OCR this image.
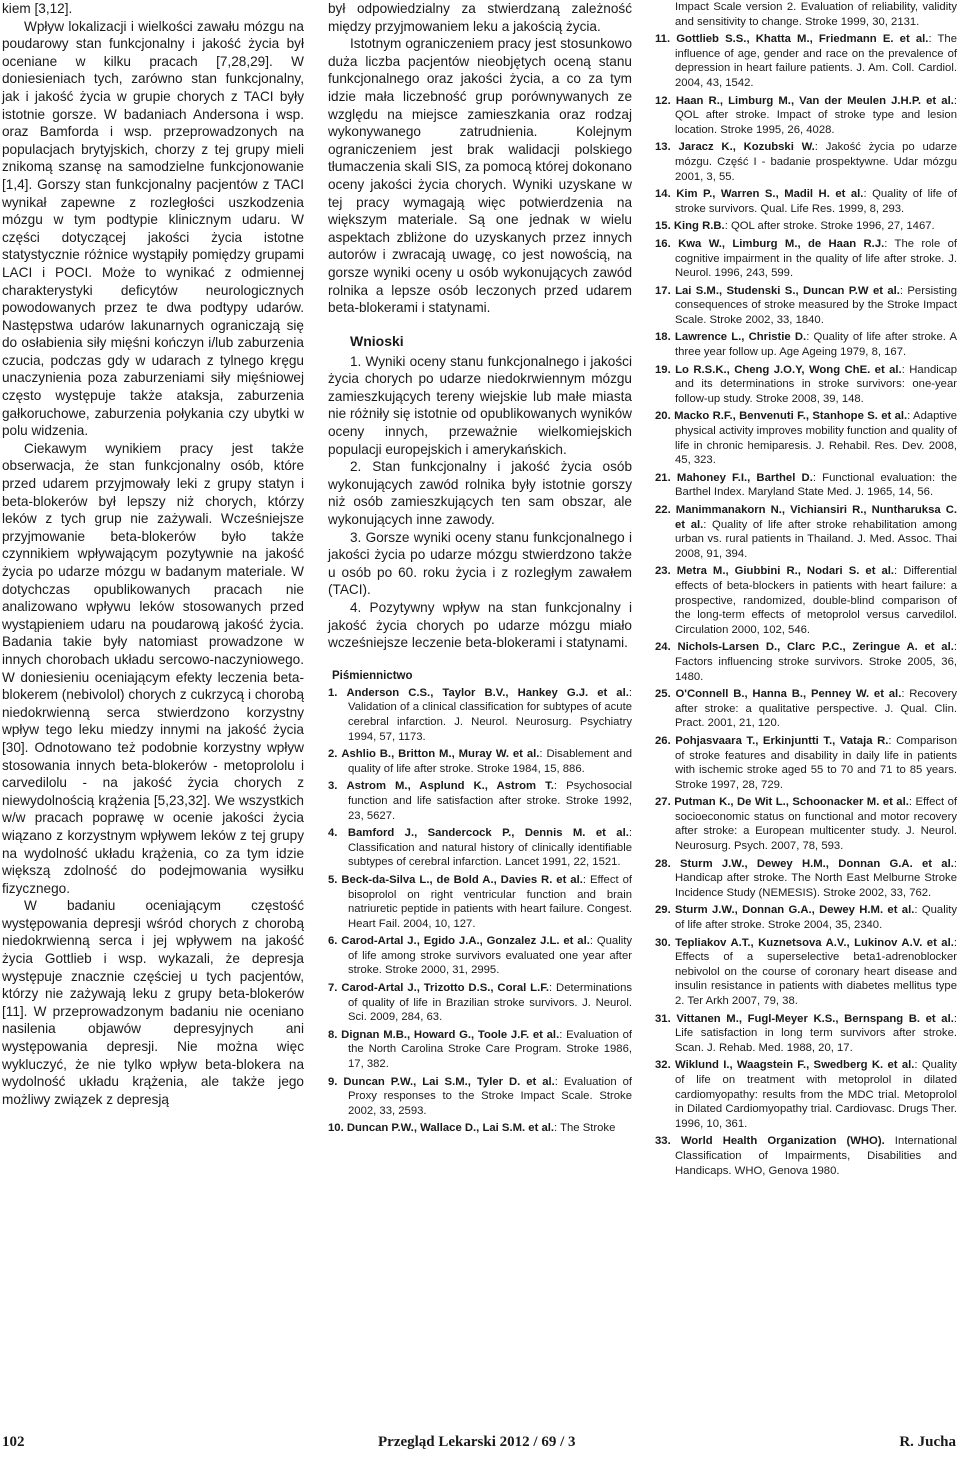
kiem [3,12].

Wpływ lokalizacji i wielkości zawału mózgu na poudarowy stan funkcjonalny i jakość życia był oceniane w kilku pracach [7,28,29]. W doniesieniach tych, zarówno stan funkcjonalny, jak i jakość życia w grupie chorych z TACI były istotnie gorsze. W badaniach Andersona i wsp. oraz Bamforda i wsp. przeprowadzonych na populacjach brytyjskich, chorzy z tej grupy mieli znikomą szansę na samodzielne funkcjonowanie [1,4]. Gorszy stan funkcjonalny pacjentów z TACI wynikał zapewne z rozległości uszkodzenia mózgu w tym podtypie klinicznym udaru. W części dotyczącej jakości życia istotne statystycznie różnice wystąpiły pomiędzy grupami LACI i POCI. Może to wynikać z odmiennej charakterystyki deficytów neurologicznych powodowanych przez te dwa podtypy udarów. Następstwa udarów lakunarnych ograniczają się do osłabienia siły mięśni kończyn i/lub zaburzenia czucia, podczas gdy w udarach z tylnego kręgu unaczynienia poza zaburzeniami siły mięśniowej często występuje także ataksja, zaburzenia gałkoruchowe, zaburzenia połykania czy ubytki w polu widzenia.

Ciekawym wynikiem pracy jest także obserwacja, że stan funkcjonalny osób, które przed udarem przyjmowały leki z grupy statyn i beta-blokerów był lepszy niż chorych, którzy leków z tych grup nie zażywali. Wcześniejsze przyjmowanie beta-blokerów było także czynnikiem wpływającym pozytywnie na jakość życia po udarze mózgu w badanym materiale. W dotychczas opublikowanych pracach nie analizowano wpływu leków stosowanych przed wystąpieniem udaru na poudarową jakość życia. Badania takie były natomiast prowadzone w innych chorobach układu sercowo-naczyniowego. W doniesieniu oceniającym efekty leczenia beta-blokerem (nebivolol) chorych z cukrzycą i chorobą niedokrwienną serca stwierdzono korzystny wpływ tego leku miedzy innymi na jakość życia [30]. Odnotowano też podobnie korzystny wpływ stosowania innych beta-blokerów - metoprololu i carvedilolu - na jakość życia chorych z niewydolnością krążenia [5,23,32]. We wszystkich w/w pracach poprawę w ocenie jakości życia wiązano z korzystnym wpływem leków z tej grupy na wydolność układu krążenia, co za tym idzie większą zdolność do podejmowania wysiłku fizycznego.

W badaniu oceniającym częstość występowania depresji wśród chorych z chorobą niedokrwienną serca i jej wpływem na jakość życia Gottlieb i wsp. wykazali, że depresja występuje znacznie częściej u tych pacjentów, którzy nie zażywają leku z grupy beta-blokerów [11]. W przeprowadzonym badaniu nie oceniano nasilenia objawów depresyjnych ani występowania depresji. Nie można więc wykluczyć, że nie tylko wpływ beta-blokera na wydolność układu krążenia, ale także jego możliwy związek z depresją

był odpowiedzialny za stwierdzaną zależność między przyjmowaniem leku a jakością życia.

Istotnym ograniczeniem pracy jest stosunkowo duża liczba pacjentów nieobjętych oceną stanu funkcjonalnego oraz jakości życia, a co za tym idzie mała liczebność grup porównywanych ze względu na miejsce zamieszkania oraz rodzaj wykonywanego zatrudnienia. Kolejnym ograniczeniem jest brak walidacji polskiego tłumaczenia skali SIS, za pomocą której dokonano oceny jakości życia chorych. Wyniki uzyskane w tej pracy wymagają więc potwierdzenia na większym materiale. Są one jednak w wielu aspektach zbliżone do uzyskanych przez innych autorów i zwracają uwagę, co jest nowością, na gorsze wyniki oceny u osób wykonujących zawód rolnika a lepsze osób leczonych przed udarem beta-blokerami i statynami.

Wnioski

1. Wyniki oceny stanu funkcjonalnego i jakości życia chorych po udarze niedokrwiennym mózgu zamieszkujących tereny wiejskie lub małe miasta nie różniły się istotnie od opublikowanych wyników oceny innych, przeważnie wielkomiejskich populacji europejskich i amerykańskich.

2. Stan funkcjonalny i jakość życia osób wykonujących zawód rolnika były istotnie gorszy niż osób zamieszkujących ten sam obszar, ale wykonujących inne zawody.

3. Gorsze wyniki oceny stanu funkcjonalnego i jakości życia po udarze mózgu stwierdzono także u osób po 60. roku życia i z rozległym zawałem (TACI).

4. Pozytywny wpływ na stan funkcjonalny i jakość życia chorych po udarze mózgu miało wcześniejsze leczenie beta-blokerami i statynami.

Piśmiennictwo
1. Anderson C.S., Taylor B.V., Hankey G.J. et al.: Validation of a clinical classification for subtypes of acute cerebral infarction. J. Neurol. Neurosurg. Psychiatry 1994, 57, 1173.
2. Ashlio B., Britton M., Muray W. et al.: Disablement and quality of life after stroke. Stroke 1984, 15, 886.
3. Astrom M., Asplund K., Astrom T.: Psychosocial function and life satisfaction after stroke. Stroke 1992, 23, 5627.
4. Bamford J., Sandercock P., Dennis M. et al.: Classification and natural history of clinically identifiable subtypes of cerebral infarction. Lancet 1991, 22, 1521.
5. Beck-da-Silva L., de Bold A., Davies R. et al.: Effect of bisoprolol on right ventricular function and brain natriuretic peptide in patients with heart failure. Congest. Heart Fail. 2004, 10, 127.
6. Carod-Artal J., Egido J.A., Gonzalez J.L. et al.: Quality of life among stroke survivors evaluated one year after stroke. Stroke 2000, 31, 2995.
7. Carod-Artal J., Trizotto D.S., Coral L.F.: Determinations of quality of life in Brazilian stroke survivors. J. Neurol. Sci. 2009, 284, 63.
8. Dignan M.B., Howard G., Toole J.F. et al.: Evaluation of the North Carolina Stroke Care Program. Stroke 1986, 17, 382.
9. Duncan P.W., Lai S.M., Tyler D. et al.: Evaluation of Proxy responses to the Stroke Impact Scale. Stroke 2002, 33, 2593.
10. Duncan P.W., Wallace D., Lai S.M. et al.: The Stroke
Impact Scale version 2. Evaluation of reliability, validity and sensitivity to change. Stroke 1999, 30, 2131.
11. Gottlieb S.S., Khatta M., Friedmann E. et al.: The influence of age, gender and race on the prevalence of depression in heart failure patients. J. Am. Coll. Cardiol. 2004, 43, 1542.
12. Haan R., Limburg M., Van der Meulen J.H.P. et al.: QOL after stroke. Impact of stroke type and lesion location. Stroke 1995, 26, 4028.
13. Jaracz K., Kozubski W.: Jakość życia po udarze mózgu. Część I - badanie prospektywne. Udar mózgu 2001, 3, 55.
14. Kim P., Warren S., Madil H. et al.: Quality of life of stroke survivors. Qual. Life Res. 1999, 8, 293.
15. King R.B.: QOL after stroke. Stroke 1996, 27, 1467.
16. Kwa W., Limburg M., de Haan R.J.: The role of cognitive impairment in the quality of life after stroke. J. Neurol. 1996, 243, 599.
17. Lai S.M., Studenski S., Duncan P.W et al.: Persisting consequences of stroke measured by the Stroke Impact Scale. Stroke 2002, 33, 1840.
18. Lawrence L., Christie D.: Quality of life after stroke. A three year follow up. Age Ageing 1979, 8, 167.
19. Lo R.S.K., Cheng J.O.Y, Wong ChE. et al.: Handicap and its determinations in stroke survivors: one-year follow-up study. Stroke 2008, 39, 148.
20. Macko R.F., Benvenuti F., Stanhope S. et al.: Adaptive physical activity improves mobility function and quality of life in chronic hemiparesis. J. Rehabil. Res. Dev. 2008, 45, 323.
21. Mahoney F.I., Barthel D.: Functional evaluation: the Barthel Index. Maryland State Med. J. 1965, 14, 56.
22. Manimmanakorn N., Vichiansiri R., Nuntharuksa C. et al.: Quality of life after stroke rehabilitation among urban vs. rural patients in Thailand. J. Med. Assoc. Thai 2008, 91, 394.
23. Metra M., Giubbini R., Nodari S. et al.: Differential effects of beta-blockers in patients with heart failure: a prospective, randomized, double-blind comparison of the long-term effects of metoprolol versus carvedilol. Circulation 2000, 102, 546.
24. Nichols-Larsen D., Clarc P.C., Zeringue A. et al.: Factors influencing stroke survivors. Stroke 2005, 36, 1480.
25. O'Connell B., Hanna B., Penney W. et al.: Recovery after stroke: a qualitative perspective. J. Qual. Clin. Pract. 2001, 21, 120.
26. Pohjasvaara T., Erkinjuntti T., Vataja R.: Comparison of stroke features and disability in daily life in patients with ischemic stroke aged 55 to 70 and 71 to 85 years. Stroke 1997, 28, 729.
27. Putman K., De Wit L., Schoonacker M. et al.: Effect of socioeconomic status on functional and motor recovery after stroke: a European multicenter study. J. Neurol. Neurosurg. Psych. 2007, 78, 593.
28. Sturm J.W., Dewey H.M., Donnan G.A. et al.: Handicap after stroke. The North East Melburne Stroke Incidence Study (NEMESIS). Stroke 2002, 33, 762.
29. Sturm J.W., Donnan G.A., Dewey H.M. et al.: Quality of life after stroke. Stroke 2004, 35, 2340.
30. Tepliakov A.T., Kuznetsova A.V., Lukinov A.V. et al.: Effects of a superselective beta1-adrenoblocker nebivolol on the course of coronary heart disease and insulin resistance in patients with diabetes mellitus type 2. Ter Arkh 2007, 79, 38.
31. Vittanen M., Fugl-Meyer K.S., Bernspang B. et al.: Life satisfaction in long term survivors after stroke. Scan. J. Rehab. Med. 1988, 20, 17.
32. Wiklund I., Waagstein F., Swedberg K. et al.: Quality of life on treatment with metoprolol in dilated cardiomyopathy: results from the MDC trial. Metoprolol in Dilated Cardiomyopathy trial. Cardiovasc. Drugs Ther. 1996, 10, 361.
33. World Health Organization (WHO). International Classification of Impairments, Disabilities and Handicaps. WHO, Genova 1980.
102	Przegląd Lekarski 2012 / 69 / 3	R. Jucha
